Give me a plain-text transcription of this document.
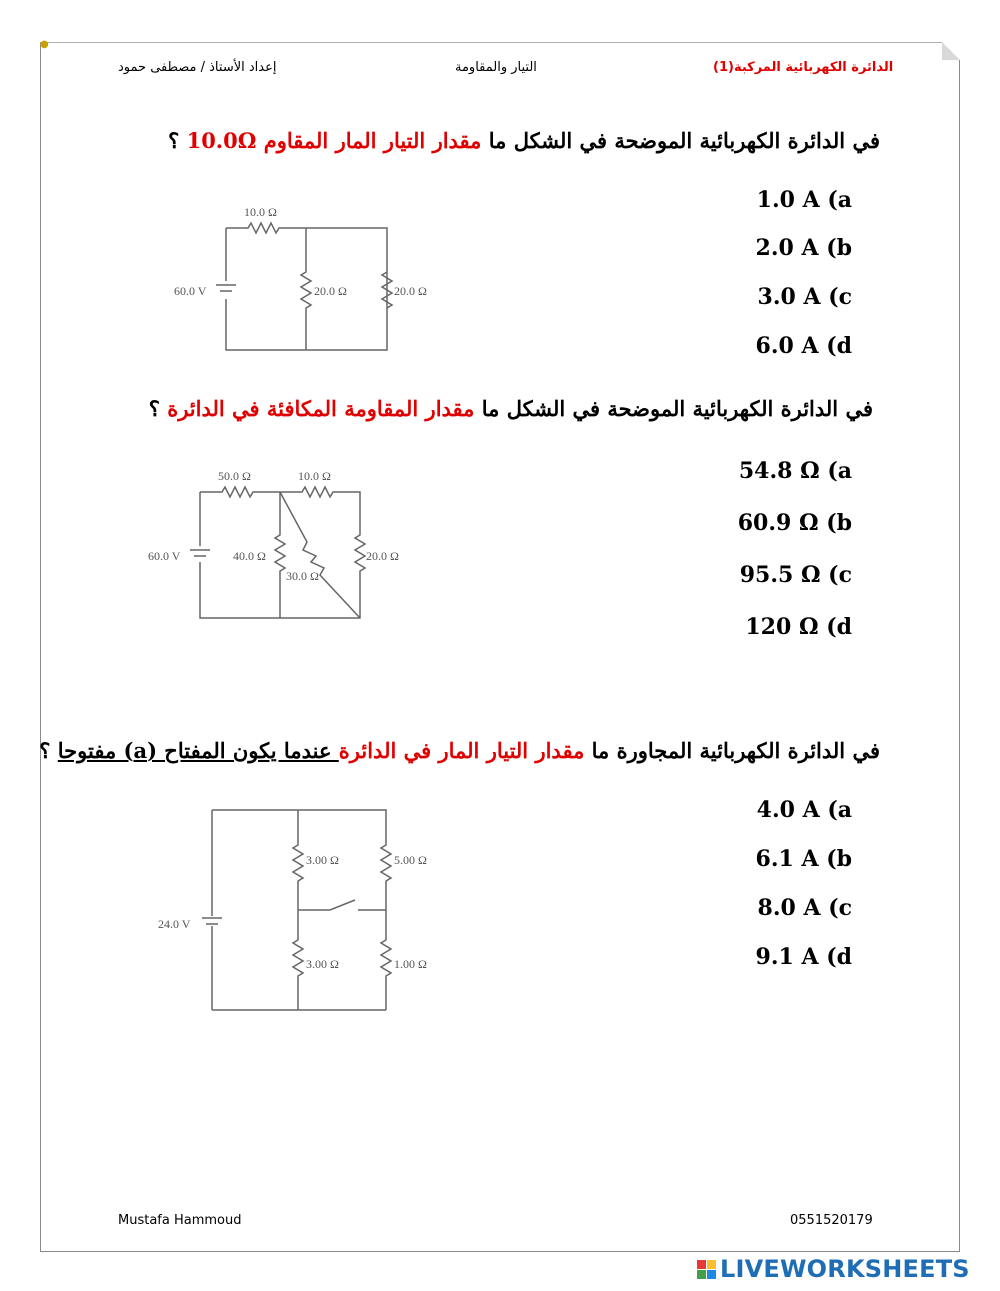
●
إعداد الأستاذ / مصطفى حمود	التيار والمقاومة	الدائرة الكهربائية المركبة(1)
في الدائرة الكهربائية الموضحة في الشكل ما مقدار التيار المار المقاوم 10.0Ω ؟
1.0 A (a
2.0 A (b
3.0 A (c
6.0 A (d
10.0 Ω
60.0 V	20.0 Ω	20.0 Ω
في الدائرة الكهربائية الموضحة في الشكل ما مقدار المقاومة المكافئة في الدائرة ؟
54.8 Ω (a
60.9 Ω (b
95.5 Ω (c
120 Ω (d
50.0 Ω	10.0 Ω
60.0 V	40.0 Ω
30.0 Ω
20.0 Ω
في الدائرة الكهربائية المجاورة ما مقدار التيار المار في الدائرة عندما يكون المفتاح (a) مفتوحا ؟
4.0 A (a
6.1 A (b
8.0 A (c
9.1 A (d
3.00 Ω	5.00 Ω
24.0 V
3.00 Ω	1.00 Ω
Mustafa Hammoud	0551520179
LIVEWORKSHEETS
